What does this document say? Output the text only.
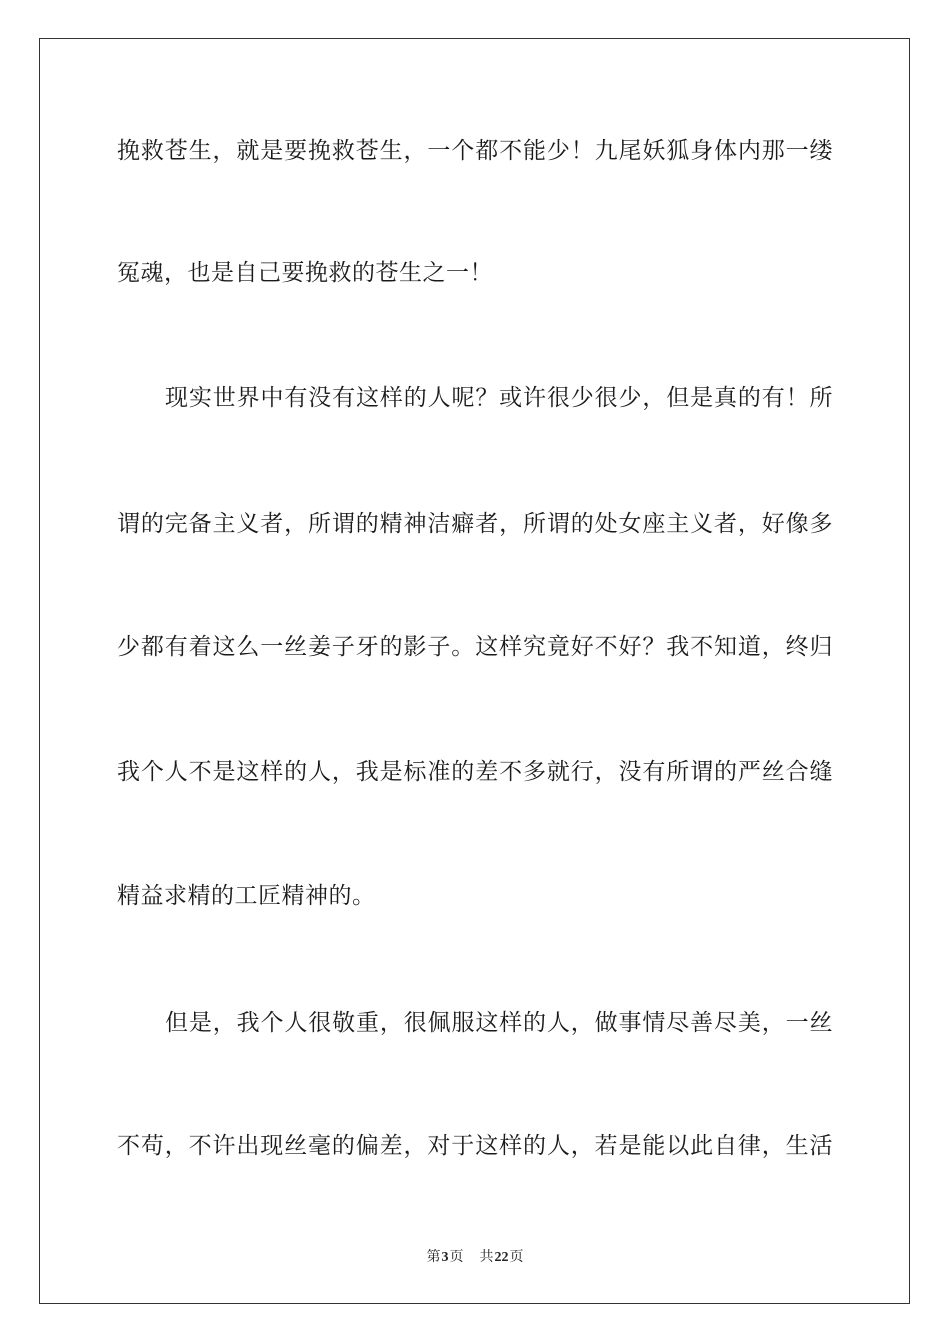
挽救苍生，就是要挽救苍生，一个都不能少！九尾妖狐身体内那一缕
冤魂，也是自己要挽救的苍生之一！
现实世界中有没有这样的人呢？或许很少很少，但是真的有！所
谓的完备主义者，所谓的精神洁癖者，所谓的处女座主义者，好像多
少都有着这么一丝姜子牙的影子。这样究竟好不好？我不知道，终归
我个人不是这样的人，我是标准的差不多就行，没有所谓的严丝合缝
精益求精的工匠精神的。
但是，我个人很敬重，很佩服这样的人，做事情尽善尽美，一丝
不苟，不许出现丝毫的偏差，对于这样的人，若是能以此自律，生活
第3页 共22页
